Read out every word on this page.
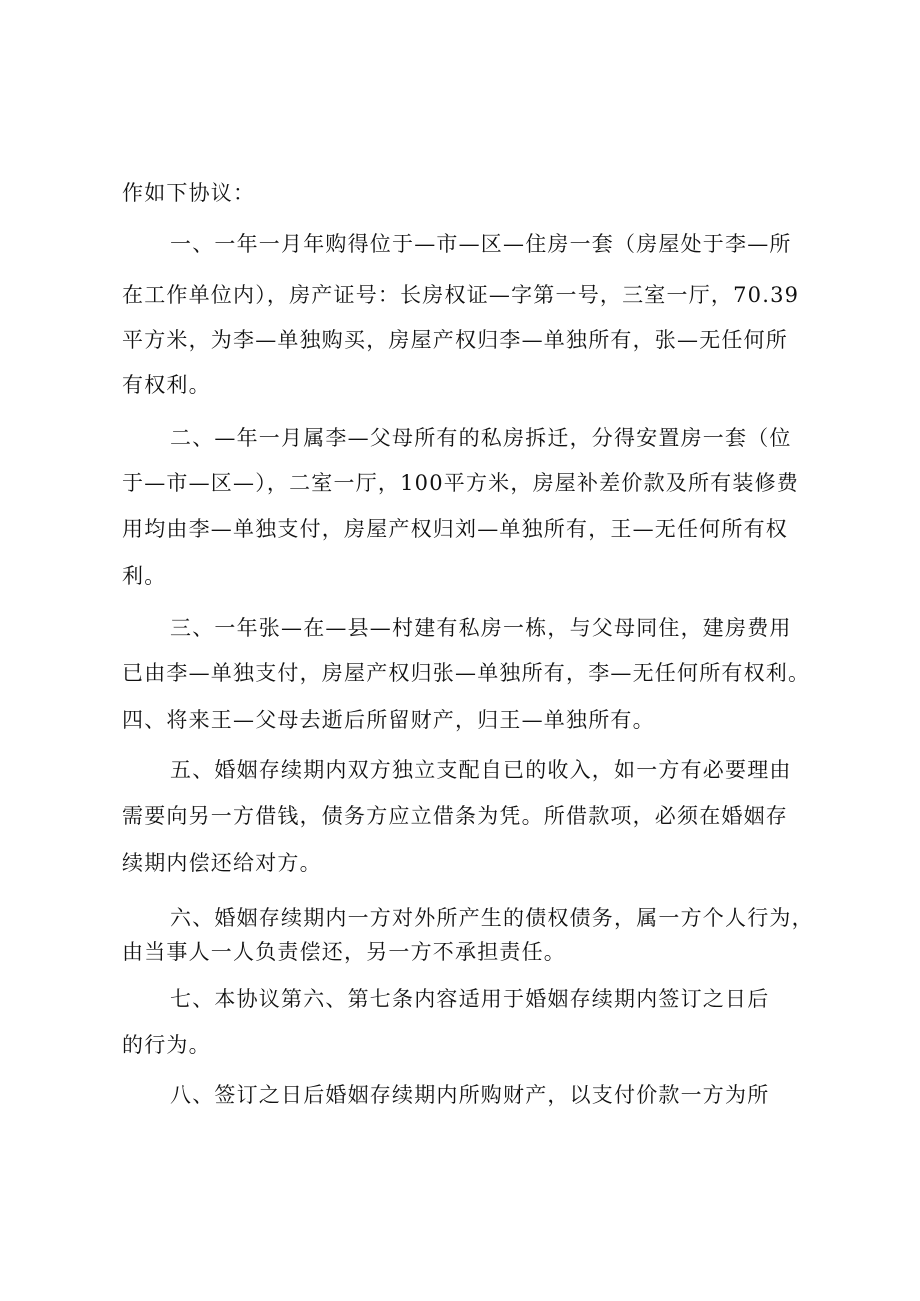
作如下协议：
一、一年一月年购得位于—市—区—住房一套（房屋处于李—所
在工作单位内），房产证号：长房权证—字第一号，三室一厅，70.39
平方米，为李—单独购买，房屋产权归李—单独所有，张—无任何所
有权利。
二、—年一月属李—父母所有的私房拆迁，分得安置房一套（位
于—市—区—），二室一厅，100平方米，房屋补差价款及所有装修费
用均由李—单独支付，房屋产权归刘—单独所有，王—无任何所有权
利。
三、一年张—在—县—村建有私房一栋，与父母同住，建房费用
已由李—单独支付，房屋产权归张—单独所有，李—无任何所有权利。
四、将来王—父母去逝后所留财产，归王—单独所有。
五、婚姻存续期内双方独立支配自已的收入，如一方有必要理由
需要向另一方借钱，债务方应立借条为凭。所借款项，必须在婚姻存
续期内偿还给对方。
六、婚姻存续期内一方对外所产生的债权债务，属一方个人行为，
由当事人一人负责偿还，另一方不承担责任。
七、本协议第六、第七条内容适用于婚姻存续期内签订之日后
的行为。
八、签订之日后婚姻存续期内所购财产，以支付价款一方为所
